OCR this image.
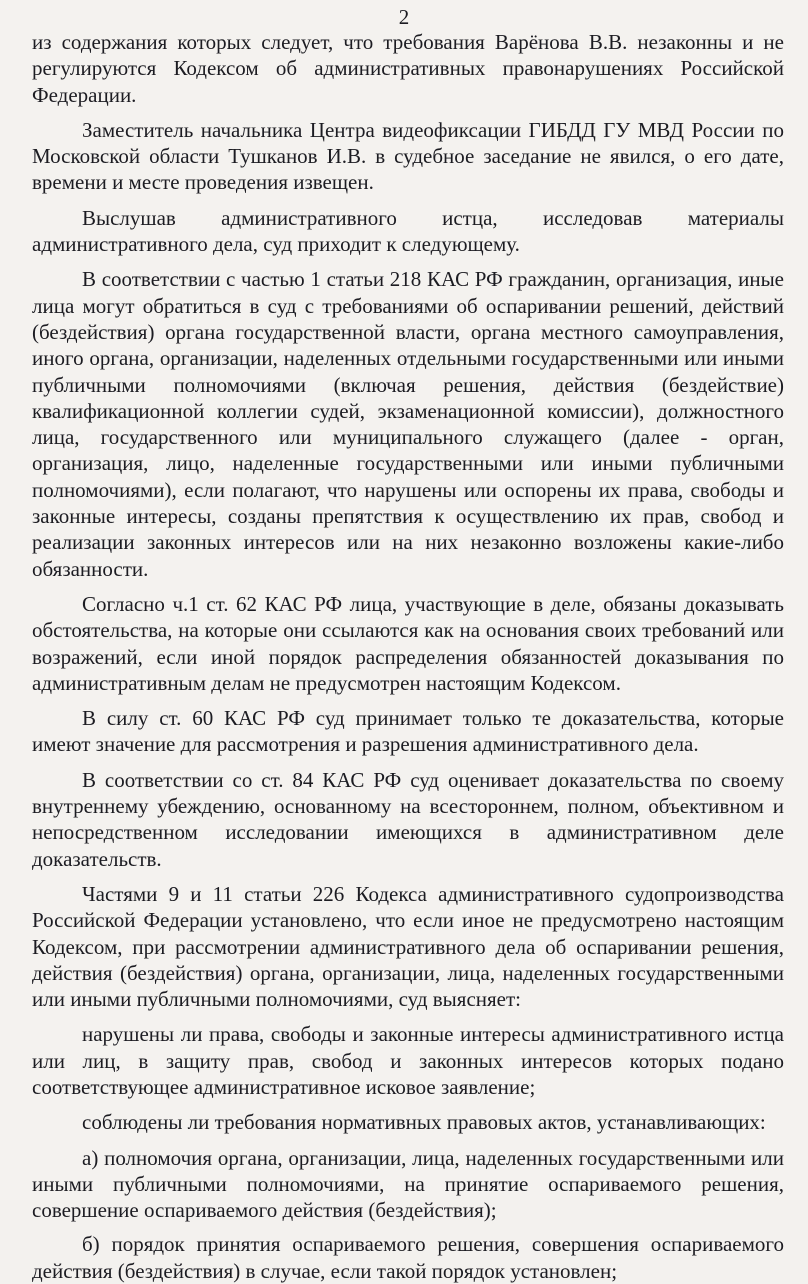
2

из содержания которых следует, что требования Варёнова В.В. незаконны и не регулируются Кодексом об административных правонарушениях Российской Федерации.

Заместитель начальника Центра видеофиксации ГИБДД ГУ МВД России по Московской области Тушканов И.В. в судебное заседание не явился, о его дате, времени и месте проведения извещен.

Выслушав административного истца, исследовав материалы административного дела, суд приходит к следующему.

В соответствии с частью 1 статьи 218 КАС РФ гражданин, организация, иные лица могут обратиться в суд с требованиями об оспаривании решений, действий (бездействия) органа государственной власти, органа местного самоуправления, иного органа, организации, наделенных отдельными государственными или иными публичными полномочиями (включая решения, действия (бездействие) квалификационной коллегии судей, экзаменационной комиссии), должностного лица, государственного или муниципального служащего (далее - орган, организация, лицо, наделенные государственными или иными публичными полномочиями), если полагают, что нарушены или оспорены их права, свободы и законные интересы, созданы препятствия к осуществлению их прав, свобод и реализации законных интересов или на них незаконно возложены какие-либо обязанности.

Согласно ч.1 ст. 62 КАС РФ лица, участвующие в деле, обязаны доказывать обстоятельства, на которые они ссылаются как на основания своих требований или возражений, если иной порядок распределения обязанностей доказывания по административным делам не предусмотрен настоящим Кодексом.

В силу ст. 60 КАС РФ суд принимает только те доказательства, которые имеют значение для рассмотрения и разрешения административного дела.

В соответствии со ст. 84 КАС РФ суд оценивает доказательства по своему внутреннему убеждению, основанному на всестороннем, полном, объективном и непосредственном исследовании имеющихся в административном деле доказательств.

Частями 9 и 11 статьи 226 Кодекса административного судопроизводства Российской Федерации установлено, что если иное не предусмотрено настоящим Кодексом, при рассмотрении административного дела об оспаривании решения, действия (бездействия) органа, организации, лица, наделенных государственными или иными публичными полномочиями, суд выясняет:

нарушены ли права, свободы и законные интересы административного истца или лиц, в защиту прав, свобод и законных интересов которых подано соответствующее административное исковое заявление;

соблюдены ли требования нормативных правовых актов, устанавливающих:

а) полномочия органа, организации, лица, наделенных государственными или иными публичными полномочиями, на принятие оспариваемого решения, совершение оспариваемого действия (бездействия);

б) порядок принятия оспариваемого решения, совершения оспариваемого действия (бездействия) в случае, если такой порядок установлен;
